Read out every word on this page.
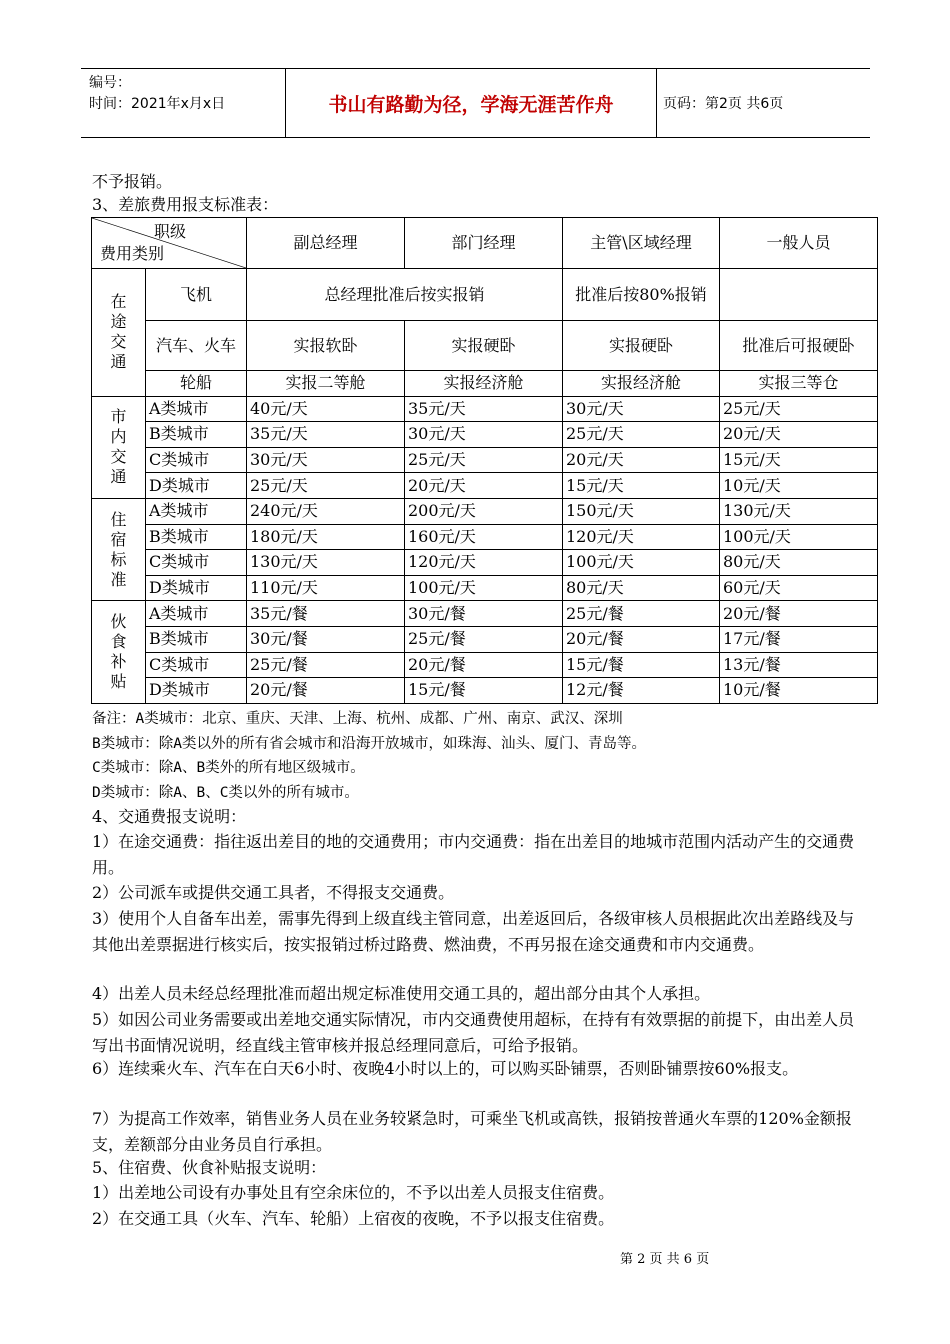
编号：
时间：2021年x月x日	书山有路勤为径，学海无涯苦作舟	页码：第2页 共6页
不予报销。
3、差旅费用报支标准表：
职级
费用类别		副总经理	部门经理	主管\区域经理	一般人员
在途交通	飞机	总经理批准后按实报销		批准后按80%报销	
	汽车、火车	实报软卧	实报硬卧	实报硬卧	批准后可报硬卧
	轮船	实报二等舱	实报经济舱	实报经济舱	实报三等仓
市内交通	A类城市	40元/天	35元/天	30元/天	25元/天
	B类城市	35元/天	30元/天	25元/天	20元/天
	C类城市	30元/天	25元/天	20元/天	15元/天
	D类城市	25元/天	20元/天	15元/天	10元/天
住宿标准	A类城市	240元/天	200元/天	150元/天	130元/天
	B类城市	180元/天	160元/天	120元/天	100元/天
	C类城市	130元/天	120元/天	100元/天	80元/天
	D类城市	110元/天	100元/天	80元/天	60元/天
伙食补贴	A类城市	35元/餐	30元/餐	25元/餐	20元/餐
	B类城市	30元/餐	25元/餐	20元/餐	17元/餐
	C类城市	25元/餐	20元/餐	15元/餐	13元/餐
	D类城市	20元/餐	15元/餐	12元/餐	10元/餐
备注：A类城市：北京、重庆、天津、上海、杭州、成都、广州、南京、武汉、深圳
B类城市：除A类以外的所有省会城市和沿海开放城市，如珠海、汕头、厦门、青岛等。
C类城市：除A、B类外的所有地区级城市。
D类城市：除A、B、C类以外的所有城市。
4、交通费报支说明：
1）在途交通费：指往返出差目的地的交通费用；市内交通费：指在出差目的地城市范围内活动产生的交通费用。
2）公司派车或提供交通工具者，不得报支交通费。
3）使用个人自备车出差，需事先得到上级直线主管同意，出差返回后，各级审核人员根据此次出差路线及与其他出差票据进行核实后，按实报销过桥过路费、燃油费，不再另报在途交通费和市内交通费。
4）出差人员未经总经理批准而超出规定标准使用交通工具的，超出部分由其个人承担。
5）如因公司业务需要或出差地交通实际情况，市内交通费使用超标，在持有有效票据的前提下，由出差人员写出书面情况说明，经直线主管审核并报总经理同意后，可给予报销。
6）连续乘火车、汽车在白天6小时、夜晚4小时以上的，可以购买卧铺票，否则卧铺票按60%报支。
7）为提高工作效率，销售业务人员在业务较紧急时，可乘坐飞机或高铁，报销按普通火车票的120%金额报支，差额部分由业务员自行承担。
5、住宿费、伙食补贴报支说明：
1）出差地公司设有办事处且有空余床位的，不予以出差人员报支住宿费。
2）在交通工具（火车、汽车、轮船）上宿夜的夜晚，不予以报支住宿费。
第 2 页 共 6 页
